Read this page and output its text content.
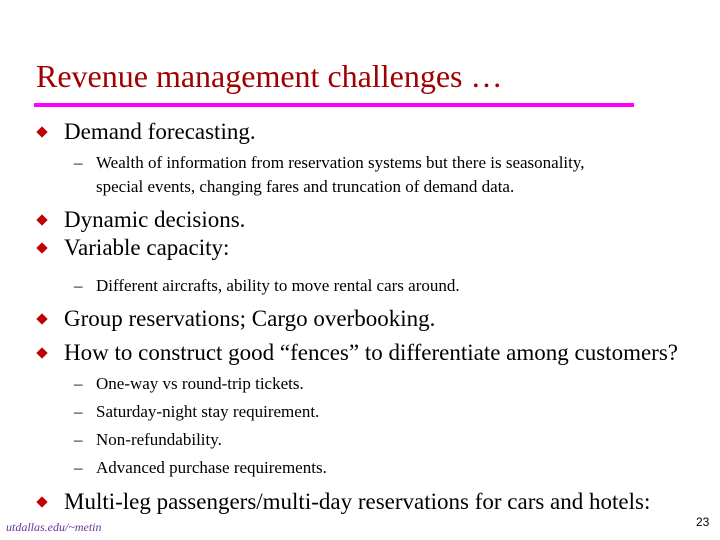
Revenue management challenges …
Demand forecasting.
– Wealth of information from reservation systems but there is seasonality,
special events, changing fares and truncation of demand data.
Dynamic decisions.
Variable capacity:
– Different aircrafts, ability to move rental cars around.
Group reservations; Cargo overbooking.
How to construct good “fences” to differentiate among customers?
– One-way vs round-trip tickets.
– Saturday-night stay requirement.
– Non-refundability.
– Advanced purchase requirements.
Multi-leg passengers/multi-day reservations for cars and hotels:
utdallas.edu/~metin	23
